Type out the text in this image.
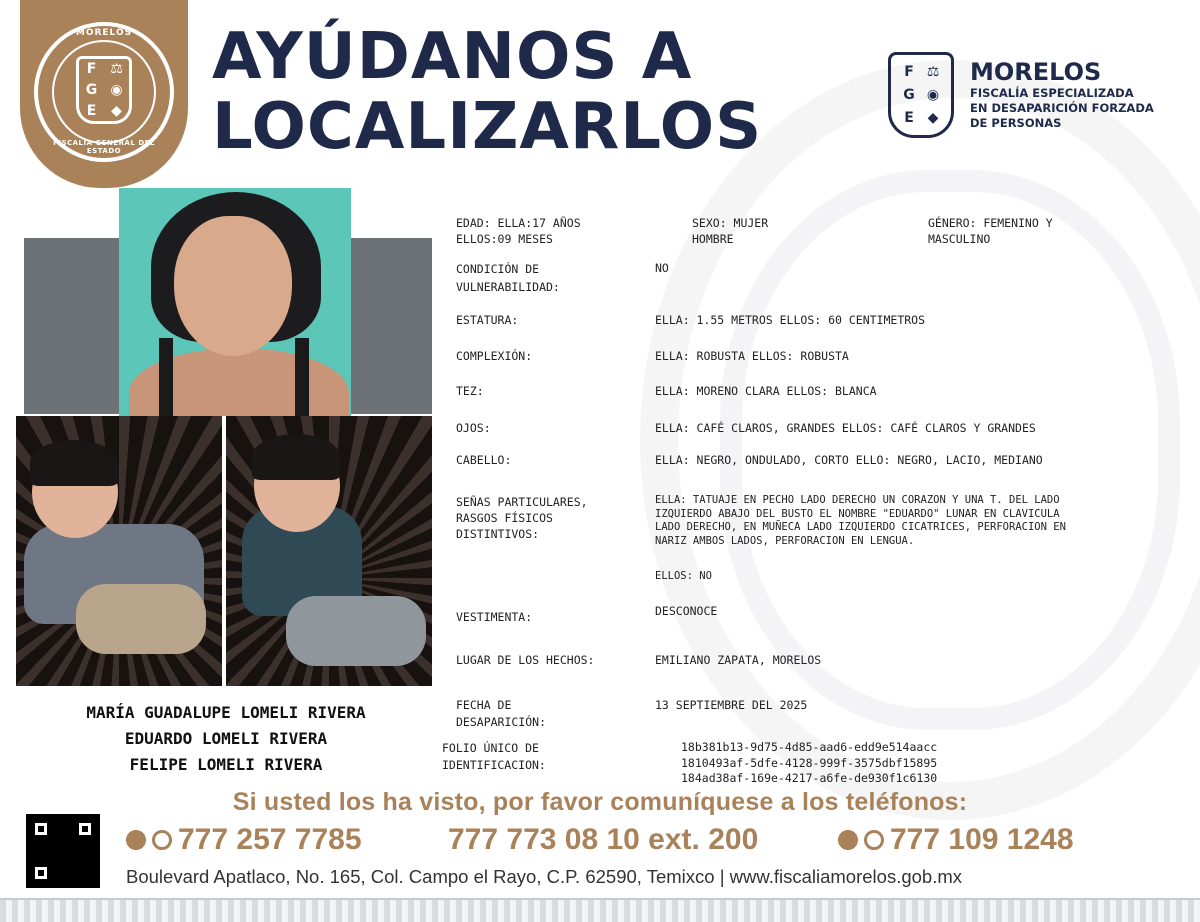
MORELOS
F ⚖
G ◉
E	◆
FISCALÍA GENERAL DEL ESTADO
AYÚDANOS A
LOCALIZARLOS
F ⚖
G ◉
E ◆
MORELOS
FISCALÍA ESPECIALIZADA
EN DESAPARICIÓN FORZADA
DE PERSONAS
MARÍA GUADALUPE LOMELI RIVERA
EDUARDO LOMELI RIVERA
FELIPE LOMELI RIVERA
EDAD: ELLA:17 AÑOS
ELLOS:09 MESES
SEXO: MUJER
HOMBRE
GÉNERO: FEMENINO Y
MASCULINO
CONDICIÓN DE
VULNERABILIDAD:
NO
ESTATURA:	ELLA: 1.55 METROS ELLOS: 60 CENTIMETROS
COMPLEXIÓN:	ELLA: ROBUSTA ELLOS: ROBUSTA
TEZ:	ELLA: MORENO CLARA ELLOS: BLANCA
OJOS:	ELLA: CAFÉ CLAROS, GRANDES ELLOS: CAFÉ CLAROS Y GRANDES
CABELLO:	ELLA: NEGRO, ONDULADO, CORTO ELLO: NEGRO, LACIO, MEDIANO
SEÑAS PARTICULARES,
RASGOS FÍSICOS
DISTINTIVOS:
ELLA: TATUAJE EN PECHO LADO DERECHO UN CORAZON Y UNA T. DEL LADO
IZQUIERDO ABAJO DEL BUSTO EL NOMBRE "EDUARDO" LUNAR EN CLAVICULA
LADO DERECHO, EN MUÑECA LADO IZQUIERDO CICATRICES, PERFORACION EN
NARIZ AMBOS LADOS, PERFORACION EN LENGUA.
ELLOS: NO
VESTIMENTA:	DESCONOCE
LUGAR DE LOS HECHOS:	EMILIANO ZAPATA, MORELOS
FECHA DE
DESAPARICIÓN:
13 SEPTIEMBRE DEL 2025
FOLIO ÚNICO DE
IDENTIFICACION:
18b381b13-9d75-4d85-aad6-edd9e514aacc
1810493af-5dfe-4128-999f-3575dbf15895
184ad38af-169e-4217-a6fe-de930f1c6130
Si usted los ha visto, por favor comuníquese a los teléfonos:
777 257 7785	777 773 08 10 ext. 200	777 109 1248
Boulevard Apatlaco, No. 165, Col. Campo el Rayo, C.P. 62590, Temixco | www.fiscaliamorelos.gob.mx
